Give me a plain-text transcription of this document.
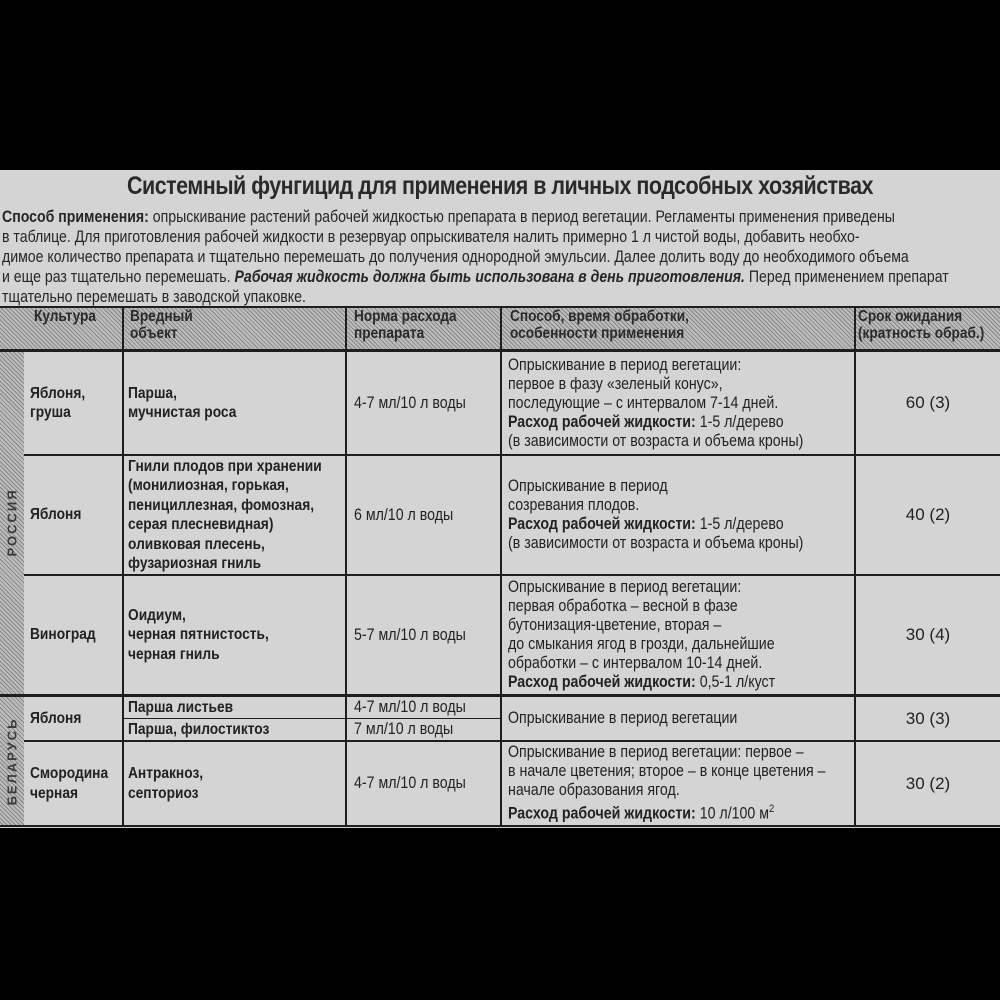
Системный фунгицид для применения в личных подсобных хозяйствах
Способ применения: опрыскивание растений рабочей жидкостью препарата в период вегетации. Регламенты применения приведены
в таблице. Для приготовления рабочей жидкости в резервуар опрыскивателя налить примерно 1 л чистой воды, добавить необхо-
димое количество препарата и тщательно перемешать до получения однородной эмульсии. Далее долить воду до необходимого объема
и еще раз тщательно перемешать. Рабочая жидкость должна быть использована в день приготовления. Перед применением препарат
тщательно перемешать в заводской упаковке.
Культура	Вредный
объект
Норма расхода
препарата
Способ, время обработки,
особенности применения
Срок ожидания
(кратность обраб.)
РОССИЯ
БЕЛАРУСЬ
Яблоня,
груша
Парша,
мучнистая роса
4-7 мл/10 л воды
Опрыскивание в период вегетации:
первое в фазу «зеленый конус»,
последующие – с интервалом 7-14 дней.
Расход рабочей жидкости: 1-5 л/дерево
(в зависимости от возраста и объема кроны)
60 (3)
Яблоня
Гнили плодов при хранении
(монилиозная, горькая,
пенициллезная, фомозная,
серая плесневидная)
оливковая плесень,
фузариозная гниль
6 мл/10 л воды
Опрыскивание в период
созревания плодов.
Расход рабочей жидкости: 1-5 л/дерево
(в зависимости от возраста и объема кроны)
40 (2)
Виноград
Оидиум,
черная пятнистость,
черная гниль
5-7 мл/10 л воды
Опрыскивание в период вегетации:
первая обработка – весной в фазе
бутонизация-цветение, вторая –
до смыкания ягод в грозди, дальнейшие
обработки – с интервалом 10-14 дней.
Расход рабочей жидкости: 0,5-1 л/куст
30 (4)
Яблоня
Парша листьев
Парша, филостиктоз
4-7 мл/10 л воды
7 мл/10 л воды
Опрыскивание в период вегетации	30 (3)
Смородина
черная
Антракноз,
септориоз
4-7 мл/10 л воды
Опрыскивание в период вегетации: первое –
в начале цветения; второе – в конце цветения –
начале образования ягод.
Расход рабочей жидкости: 10 л/100 $м^2$
30 (2)
